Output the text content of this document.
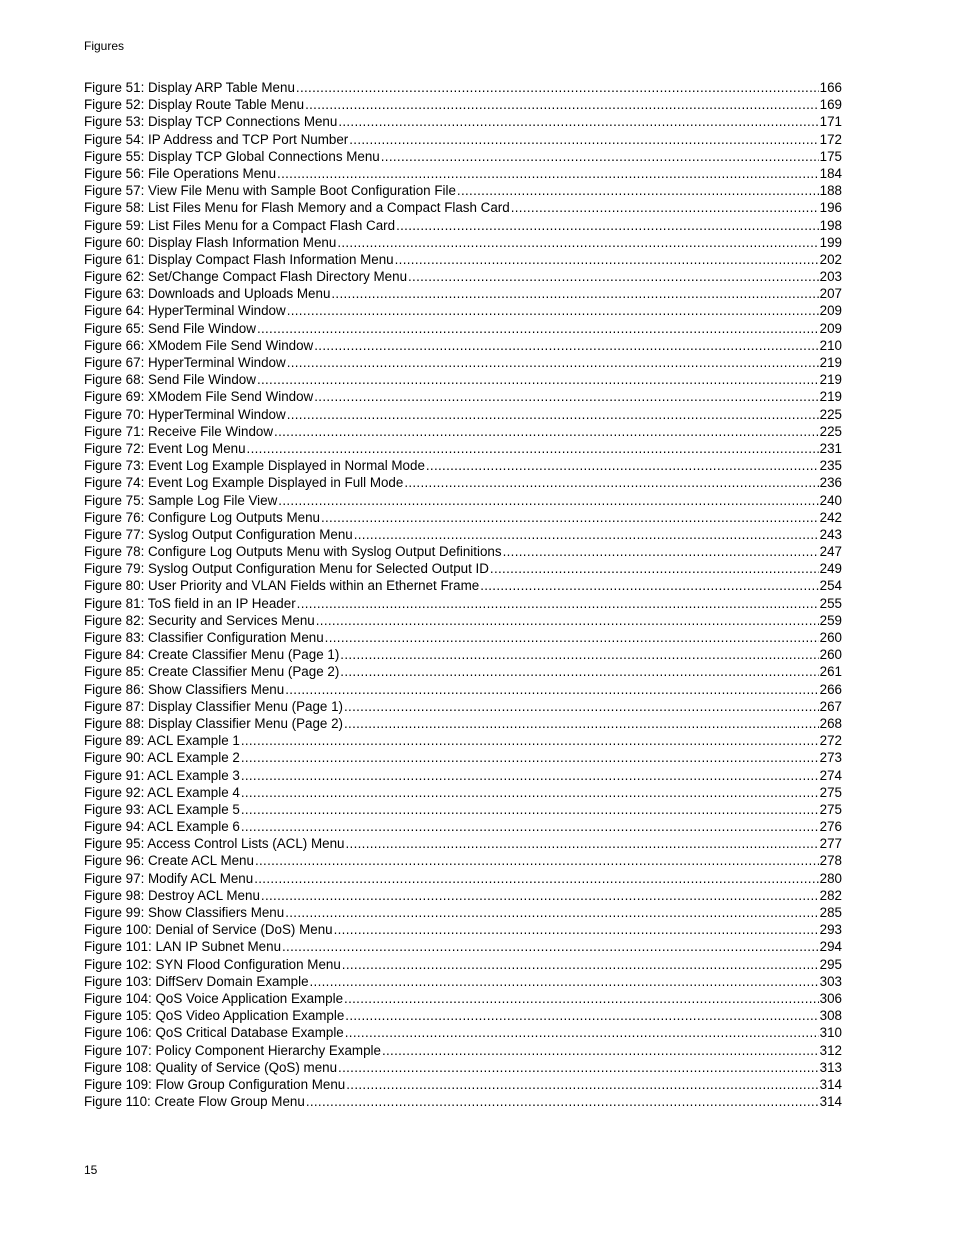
Figures
Figure 51: Display ARP Table Menu . . .	166
Figure 52: Display Route Table Menu . . .	169
Figure 53: Display TCP Connections Menu . . .	171
Figure 54: IP Address and TCP Port Number . . .	172
Figure 55: Display TCP Global Connections Menu . . .	175
Figure 56: File Operations Menu . . .	184
Figure 57: View File Menu with Sample Boot Configuration File . . .	188
Figure 58: List Files Menu for Flash Memory and a Compact Flash Card . . .	196
Figure 59: List Files Menu for a Compact Flash Card . . .	198
Figure 60: Display Flash Information Menu . . .	199
Figure 61: Display Compact Flash Information Menu . . .	202
Figure 62: Set/Change Compact Flash Directory Menu . . .	203
Figure 63: Downloads and Uploads Menu . . .	207
Figure 64: HyperTerminal Window . . .	209
Figure 65: Send File Window . . .	209
Figure 66: XModem File Send Window . . .	210
Figure 67: HyperTerminal Window . . .	219
Figure 68: Send File Window . . .	219
Figure 69: XModem File Send Window . . .	219
Figure 70: HyperTerminal Window . . .	225
Figure 71: Receive File Window . . .	225
Figure 72: Event Log Menu . . .	231
Figure 73: Event Log Example Displayed in Normal Mode . . .	235
Figure 74: Event Log Example Displayed in Full Mode . . .	236
Figure 75: Sample Log File View . . .	240
Figure 76: Configure Log Outputs Menu . . .	242
Figure 77: Syslog Output Configuration Menu . . .	243
Figure 78: Configure Log Outputs Menu with Syslog Output Definitions . . .	247
Figure 79: Syslog Output Configuration Menu for Selected Output ID . . .	249
Figure 80: User Priority and VLAN Fields within an Ethernet Frame . . .	254
Figure 81: ToS field in an IP Header . . .	255
Figure 82: Security and Services Menu . . .	259
Figure 83: Classifier Configuration Menu . . .	260
Figure 84: Create Classifier Menu (Page 1) . . .	260
Figure 85: Create Classifier Menu (Page 2) . . .	261
Figure 86: Show Classifiers Menu . . .	266
Figure 87: Display Classifier Menu (Page 1) . . .	267
Figure 88: Display Classifier Menu (Page 2) . . .	268
Figure 89: ACL Example 1 . . .	272
Figure 90: ACL Example 2 . . .	273
Figure 91: ACL Example 3 . . .	274
Figure 92: ACL Example 4 . . .	275
Figure 93: ACL Example 5 . . .	275
Figure 94: ACL Example 6 . . .	276
Figure 95: Access Control Lists (ACL) Menu . . .	277
Figure 96: Create ACL Menu . . .	278
Figure 97: Modify ACL Menu . . .	280
Figure 98: Destroy ACL Menu . . .	282
Figure 99: Show Classifiers Menu . . .	285
Figure 100: Denial of Service (DoS) Menu . . .	293
Figure 101: LAN IP Subnet Menu . . .	294
Figure 102: SYN Flood Configuration Menu . . .	295
Figure 103: DiffServ Domain Example . . .	303
Figure 104: QoS Voice Application Example . . .	306
Figure 105: QoS Video Application Example . . .	308
Figure 106: QoS Critical Database Example . . .	310
Figure 107: Policy Component Hierarchy Example . . .	312
Figure 108: Quality of Service (QoS) menu . . .	313
Figure 109: Flow Group Configuration Menu . . .	314
Figure 110: Create Flow Group Menu . . .	314
15
